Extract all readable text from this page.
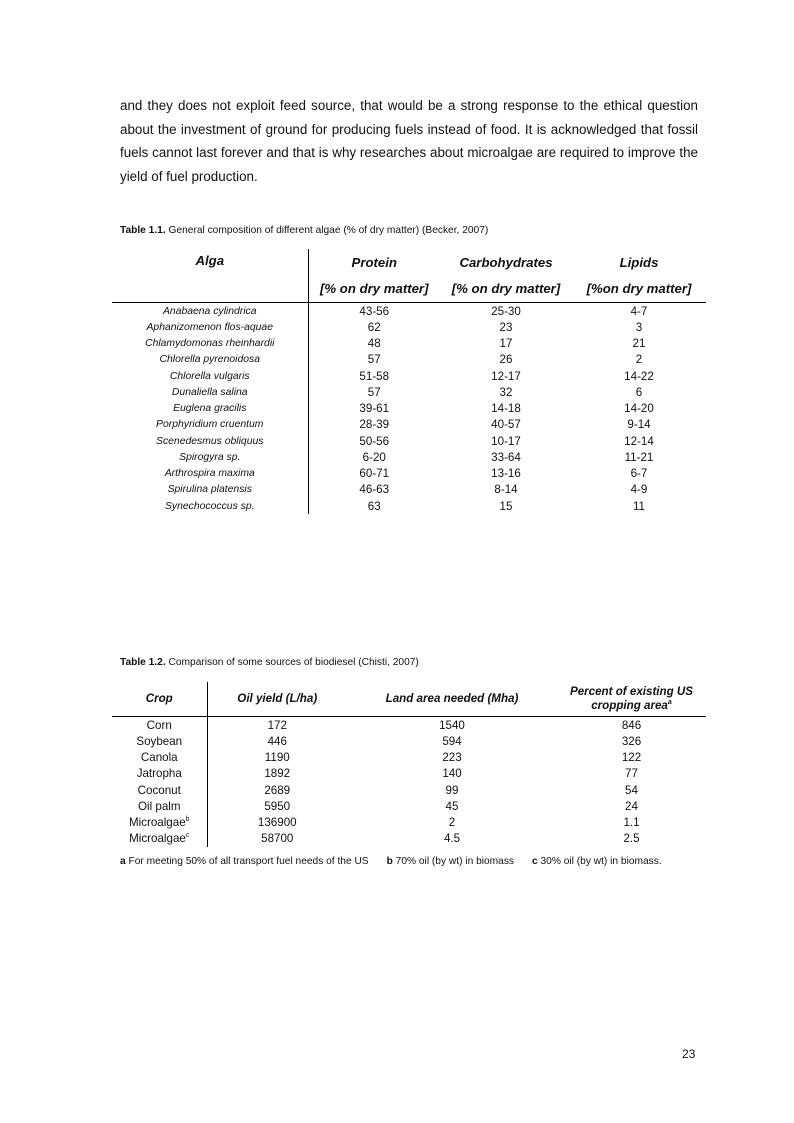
and they does not exploit feed source, that would be a strong response to the ethical question about the investment of ground for producing fuels instead of food. It is acknowledged that fossil fuels cannot last forever and that is why researches about microalgae are required to improve the yield of fuel production.

Table 1.1. General composition of different algae (% of dry matter) (Becker, 2007)

Alga	Protein	Carbohydrates	Lipids
	[% on dry matter]	[% on dry matter]	[%on dry matter]
Anabaena cylindrica	43-56	25-30	4-7
Aphanizomenon flos-aquae	62	23	3
Chlamydomonas rheinhardii	48	17	21
Chlorella pyrenoidosa	57	26	2
Chlorella vulgaris	51-58	12-17	14-22
Dunaliella salina	57	32	6
Euglena gracilis	39-61	14-18	14-20
Porphyridium cruentum	28-39	40-57	9-14
Scenedesmus obliquus	50-56	10-17	12-14
Spirogyra sp.	6-20	33-64	11-21
Arthrospira maxima	60-71	13-16	6-7
Spirulina platensis	46-63	8-14	4-9
Synechococcus sp.	63	15	11

Table 1.2. Comparison of some sources of biodiesel (Chisti, 2007)

Crop	Oil yield (L/ha)	Land area needed (Mha)	Percent of existing US
cropping area$^a$
Corn	172	1540	846
Soybean	446	594	326
Canola	1190	223	122
Jatropha	1892	140	77
Coconut	2689	99	54
Oil palm	5950	45	24
Microalgae$^b$	136900	2	1.1
Microalgae$^c$	58700	4.5	2.5
a For meeting 50% of all transport fuel needs of the US b 70% oil (by wt) in biomass c 30% oil (by wt) in biomass.
23
